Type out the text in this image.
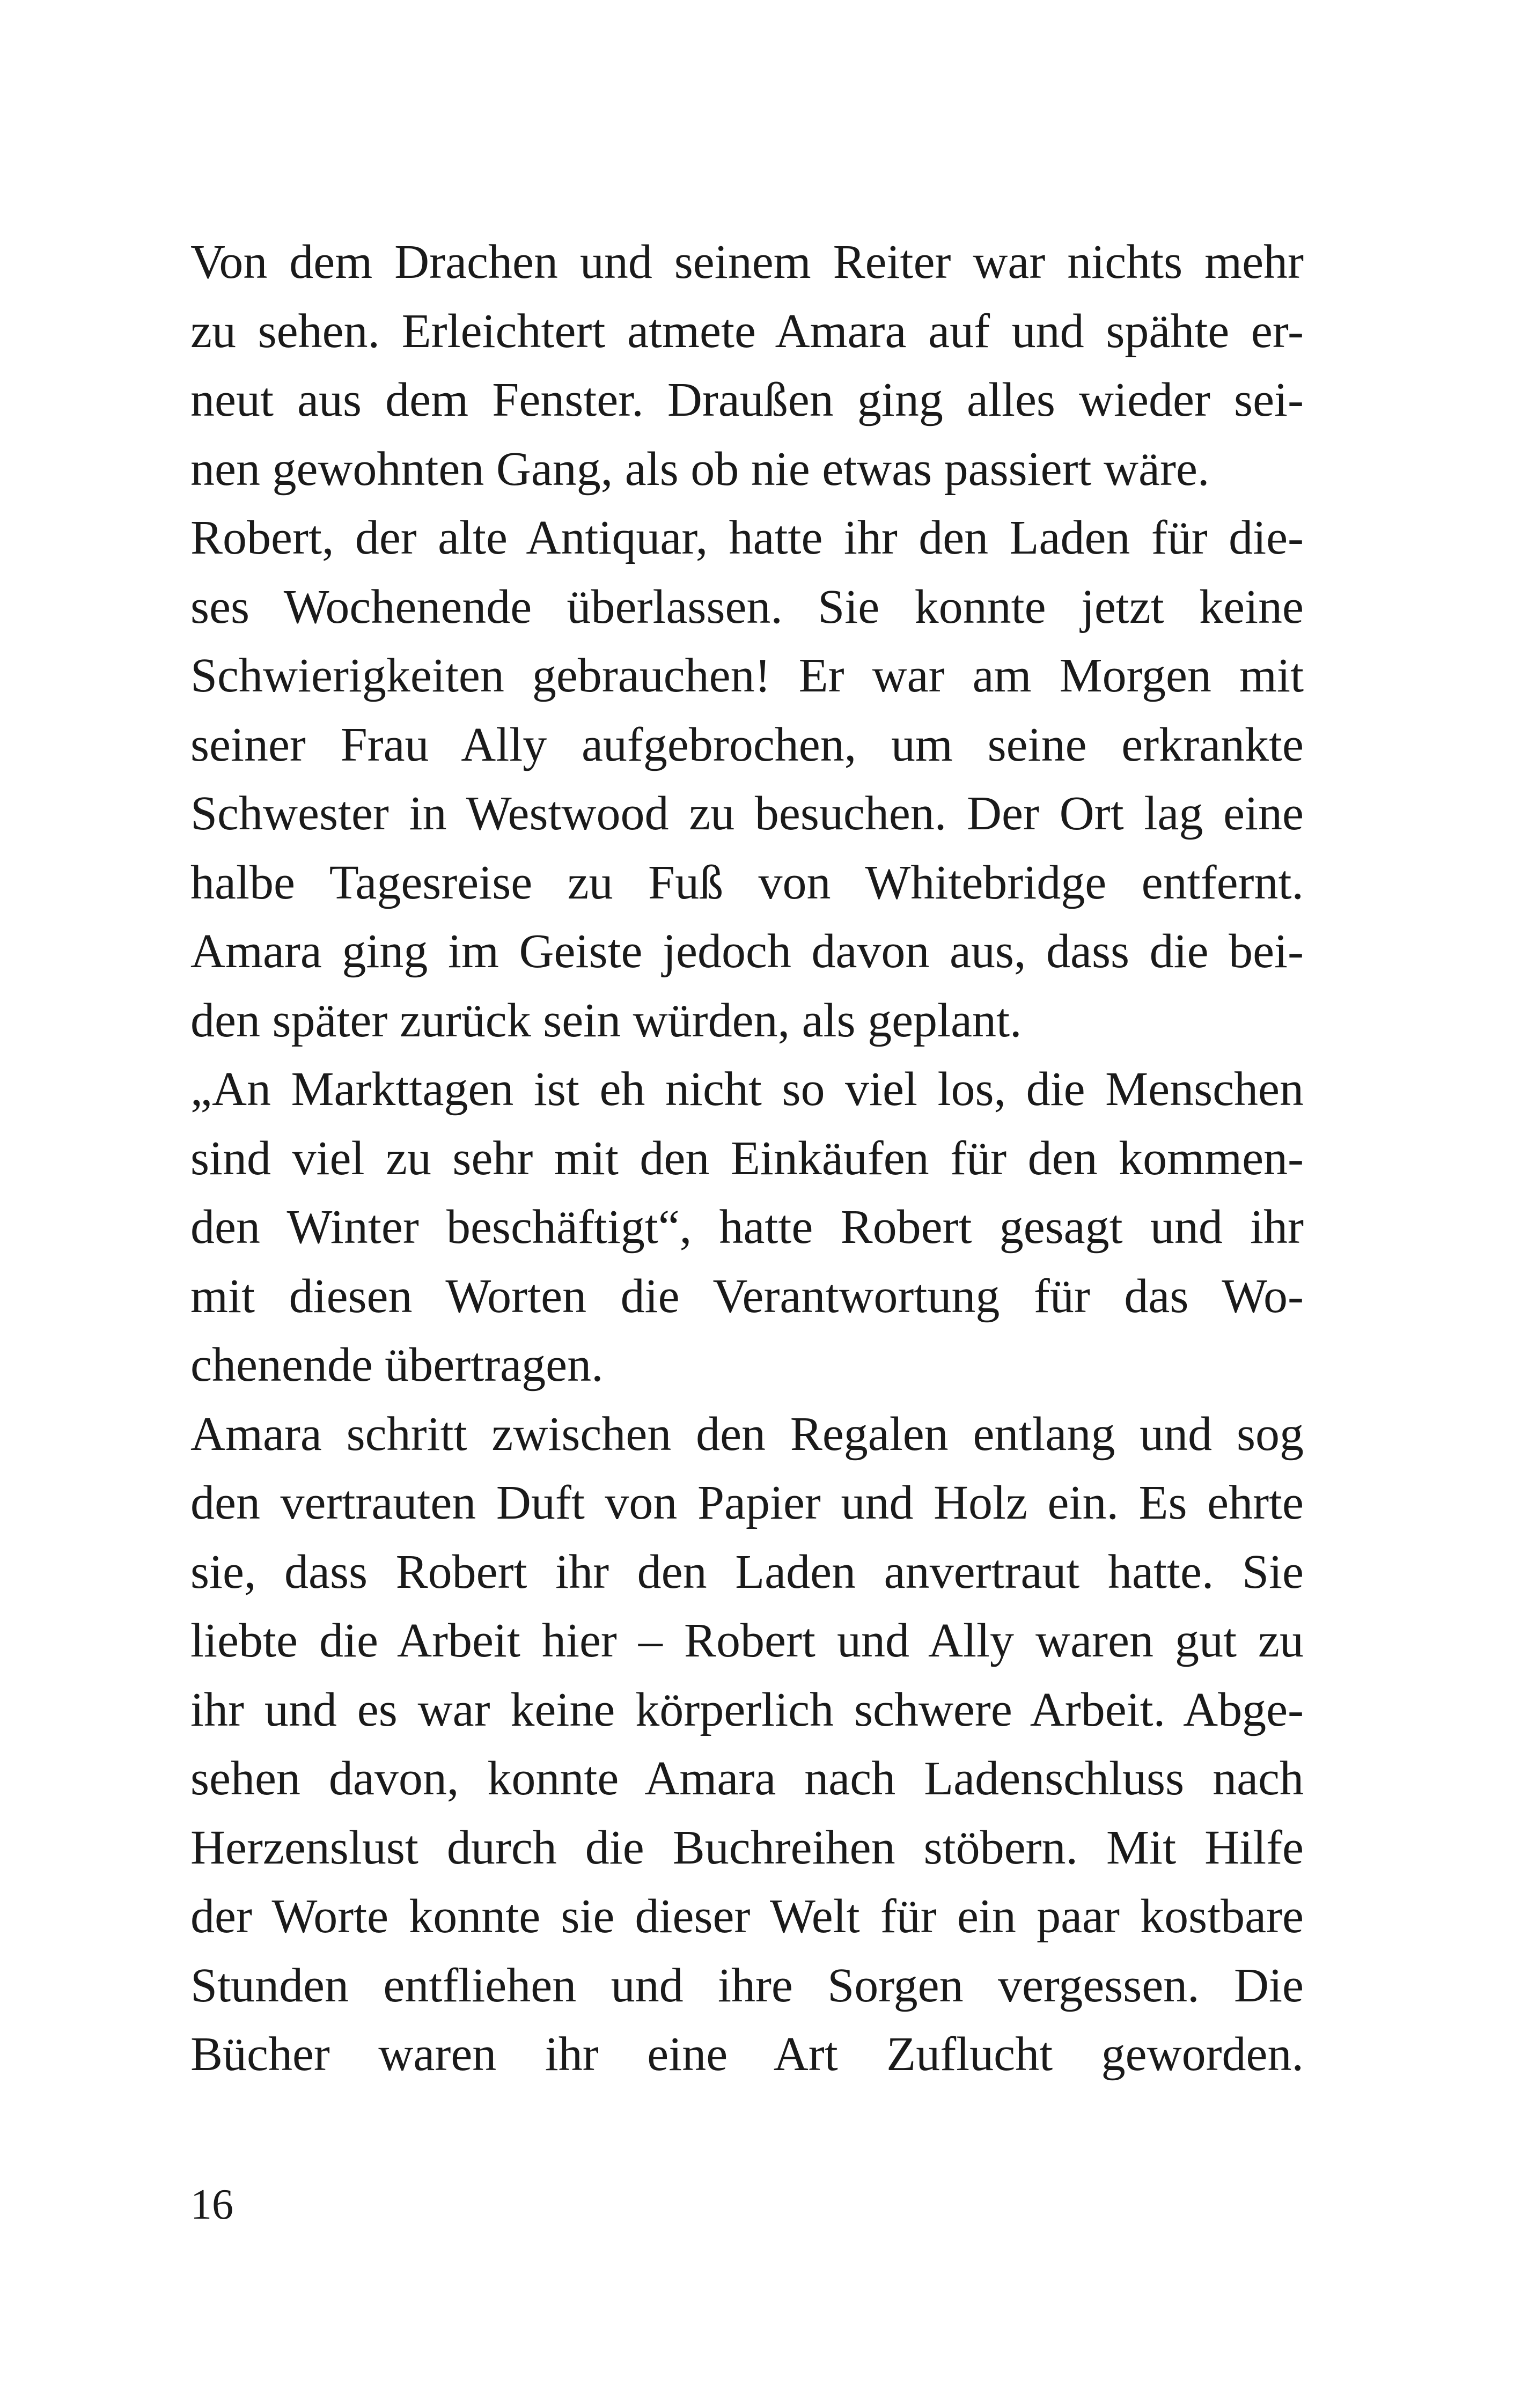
Von dem Drachen und seinem Reiter war nichts mehr
zu sehen. Erleichtert atmete Amara auf und spähte er-
neut aus dem Fenster. Draußen ging alles wieder sei-
nen gewohnten Gang, als ob nie etwas passiert wäre.
Robert, der alte Antiquar, hatte ihr den Laden für die-
ses Wochenende überlassen. Sie konnte jetzt keine
Schwierigkeiten gebrauchen! Er war am Morgen mit
seiner Frau Ally aufgebrochen, um seine erkrankte
Schwester in Westwood zu besuchen. Der Ort lag eine
halbe Tagesreise zu Fuß von Whitebridge entfernt.
Amara ging im Geiste jedoch davon aus, dass die bei-
den später zurück sein würden, als geplant.
„An Markttagen ist eh nicht so viel los, die Menschen
sind viel zu sehr mit den Einkäufen für den kommen-
den Winter beschäftigt“, hatte Robert gesagt und ihr
mit diesen Worten die Verantwortung für das Wo-
chenende übertragen.
Amara schritt zwischen den Regalen entlang und sog
den vertrauten Duft von Papier und Holz ein. Es ehrte
sie, dass Robert ihr den Laden anvertraut hatte. Sie
liebte die Arbeit hier – Robert und Ally waren gut zu
ihr und es war keine körperlich schwere Arbeit. Abge-
sehen davon, konnte Amara nach Ladenschluss nach
Herzenslust durch die Buchreihen stöbern. Mit Hilfe
der Worte konnte sie dieser Welt für ein paar kostbare
Stunden entfliehen und ihre Sorgen vergessen. Die
Bücher waren ihr eine Art Zuflucht geworden.
16
